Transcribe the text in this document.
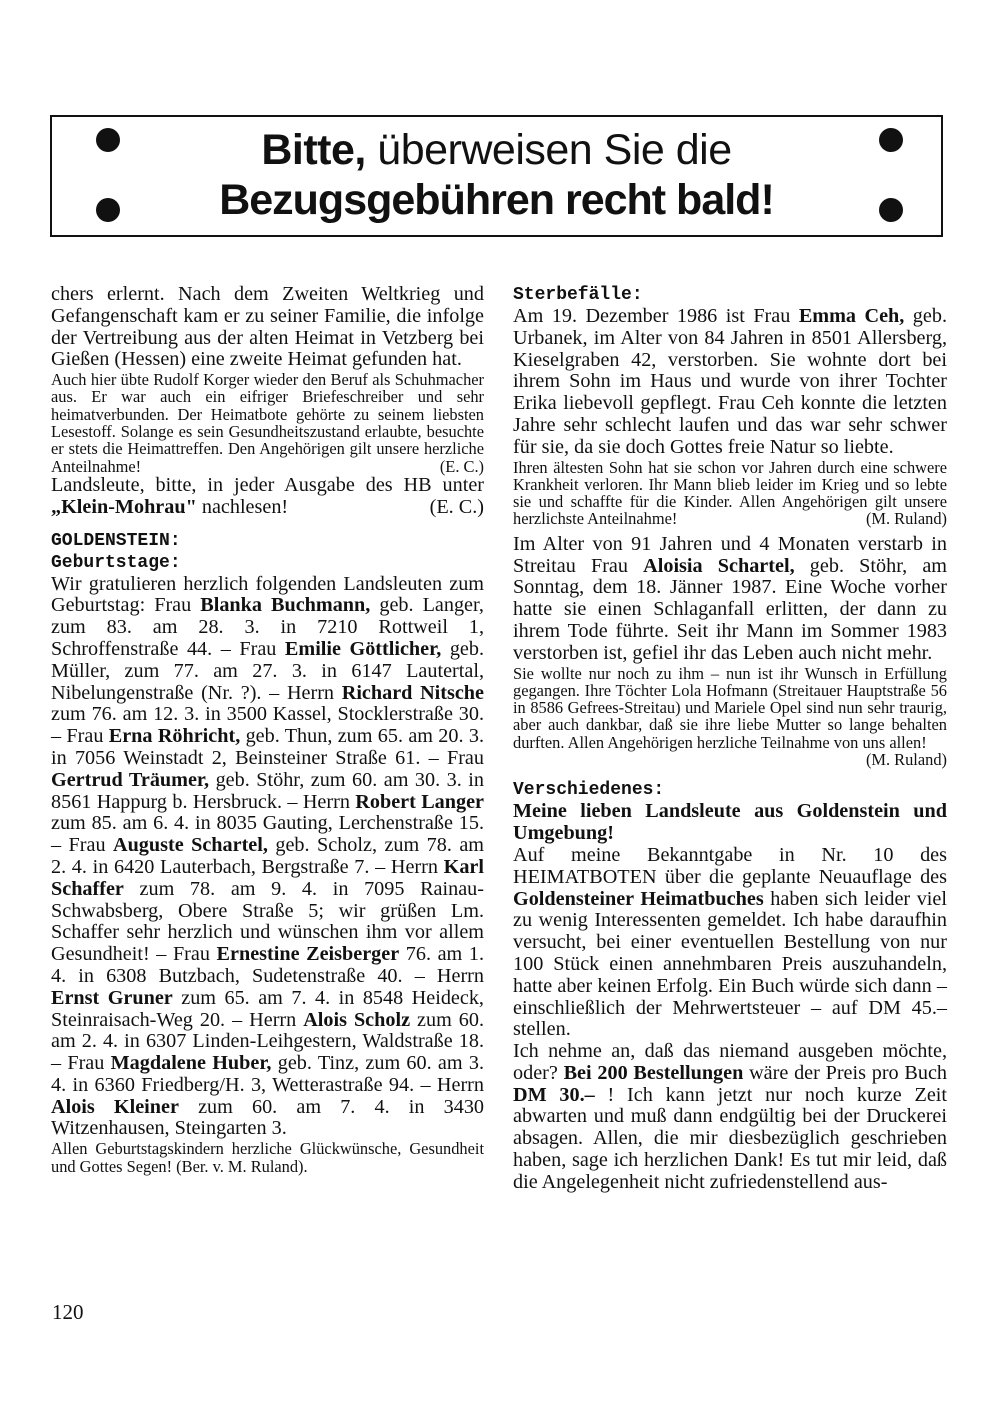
Bitte, überweisen Sie die
Bezugsgebühren recht bald!

chers erlernt. Nach dem Zweiten Weltkrieg und Gefangenschaft kam er zu seiner Familie, die infolge der Vertreibung aus der alten Heimat in Vetzberg bei Gießen (Hessen) eine zweite Heimat gefunden hat.

Auch hier übte Rudolf Korger wieder den Beruf als Schuhmacher aus. Er war auch ein eifriger Briefeschreiber und sehr heimatverbunden. Der Heimatbote gehörte zu seinem liebsten Lesestoff. Solange es sein Gesundheitszustand erlaubte, besuchte er stets die Heimattreffen. Den Angehörigen gilt unsere herzliche Anteilnahme!	(E. C.)
Landsleute, bitte, in jeder Ausgabe des HB unter „Klein-Mohrau" nachlesen!	(E. C.)
GOLDENSTEIN:
Geburtstage:

Wir gratulieren herzlich folgenden Landsleuten zum Geburtstag: Frau Blanka Buchmann, geb. Langer, zum 83. am 28. 3. in 7210 Rottweil 1, Schroffenstraße 44. – Frau Emilie Göttlicher, geb. Müller, zum 77. am 27. 3. in 6147 Lautertal, Nibelungenstraße (Nr. ?). – Herrn Richard Nitsche zum 76. am 12. 3. in 3500 Kassel, Stocklerstraße 30. – Frau Erna Röhricht, geb. Thun, zum 65. am 20. 3. in 7056 Weinstadt 2, Beinsteiner Straße 61. – Frau Gertrud Träumer, geb. Stöhr, zum 60. am 30. 3. in 8561 Happurg b. Hersbruck. – Herrn Robert Langer zum 85. am 6. 4. in 8035 Gauting, Lerchenstraße 15. – Frau Auguste Schartel, geb. Scholz, zum 78. am 2. 4. in 6420 Lauterbach, Bergstraße 7. – Herrn Karl Schaffer zum 78. am 9. 4. in 7095 Rainau-Schwabsberg, Obere Straße 5; wir grüßen Lm. Schaffer sehr herzlich und wünschen ihm vor allem Gesundheit! – Frau Ernestine Zeisberger 76. am 1. 4. in 6308 Butzbach, Sudetenstraße 40. – Herrn Ernst Gruner zum 65. am 7. 4. in 8548 Heideck, Steinraisach-Weg 20. – Herrn Alois Scholz zum 60. am 2. 4. in 6307 Linden-Leihgestern, Waldstraße 18. – Frau Magdalene Huber, geb. Tinz, zum 60. am 3. 4. in 6360 Friedberg/H. 3, Wetterastraße 94. – Herrn Alois Kleiner zum 60. am 7. 4. in 3430 Witzenhausen, Steingarten 3.

Allen Geburtstagskindern herzliche Glückwünsche, Gesundheit und Gottes Segen! (Ber. v. M. Ruland).

Sterbefälle:

Am 19. Dezember 1986 ist Frau Emma Ceh, geb. Urbanek, im Alter von 84 Jahren in 8501 Allersberg, Kieselgraben 42, verstorben. Sie wohnte dort bei ihrem Sohn im Haus und wurde von ihrer Tochter Erika liebevoll gepflegt. Frau Ceh konnte die letzten Jahre sehr schlecht laufen und das war sehr schwer für sie, da sie doch Gottes freie Natur so liebte.

Ihren ältesten Sohn hat sie schon vor Jahren durch eine schwere Krankheit verloren. Ihr Mann blieb leider im Krieg und so lebte sie und schaffte für die Kinder. Allen Angehörigen gilt unsere herzlichste Anteilnahme!	(M. Ruland)

Im Alter von 91 Jahren und 4 Monaten verstarb in Streitau Frau Aloisia Schartel, geb. Stöhr, am Sonntag, dem 18. Jänner 1987. Eine Woche vorher hatte sie einen Schlaganfall erlitten, der dann zu ihrem Tode führte. Seit ihr Mann im Sommer 1983 verstorben ist, gefiel ihr das Leben auch nicht mehr.

Sie wollte nur noch zu ihm – nun ist ihr Wunsch in Erfüllung gegangen. Ihre Töchter Lola Hofmann (Streitauer Hauptstraße 56 in 8586 Gefrees-Streitau) und Mariele Opel sind nun sehr traurig, aber auch dankbar, daß sie ihre liebe Mutter so lange behalten durften. Allen Angehörigen herzliche Teilnahme von uns allen!
(M. Ruland)
Verschiedenes:
Meine lieben Landsleute aus Goldenstein und Umgebung!

Auf meine Bekanntgabe in Nr. 10 des HEIMATBOTEN über die geplante Neuauflage des Goldensteiner Heimatbuches haben sich leider viel zu wenig Interessenten gemeldet. Ich habe daraufhin versucht, bei einer eventuellen Bestellung von nur 100 Stück einen annehmbaren Preis auszuhandeln, hatte aber keinen Erfolg. Ein Buch würde sich dann – einschließlich der Mehrwertsteuer – auf DM 45.– stellen.

Ich nehme an, daß das niemand ausgeben möchte, oder? Bei 200 Bestellungen wäre der Preis pro Buch DM 30.– ! Ich kann jetzt nur noch kurze Zeit abwarten und muß dann endgültig bei der Druckerei absagen. Allen, die mir diesbezüglich geschrieben haben, sage ich herzlichen Dank! Es tut mir leid, daß die Angelegenheit nicht zufriedenstellend aus-

120
